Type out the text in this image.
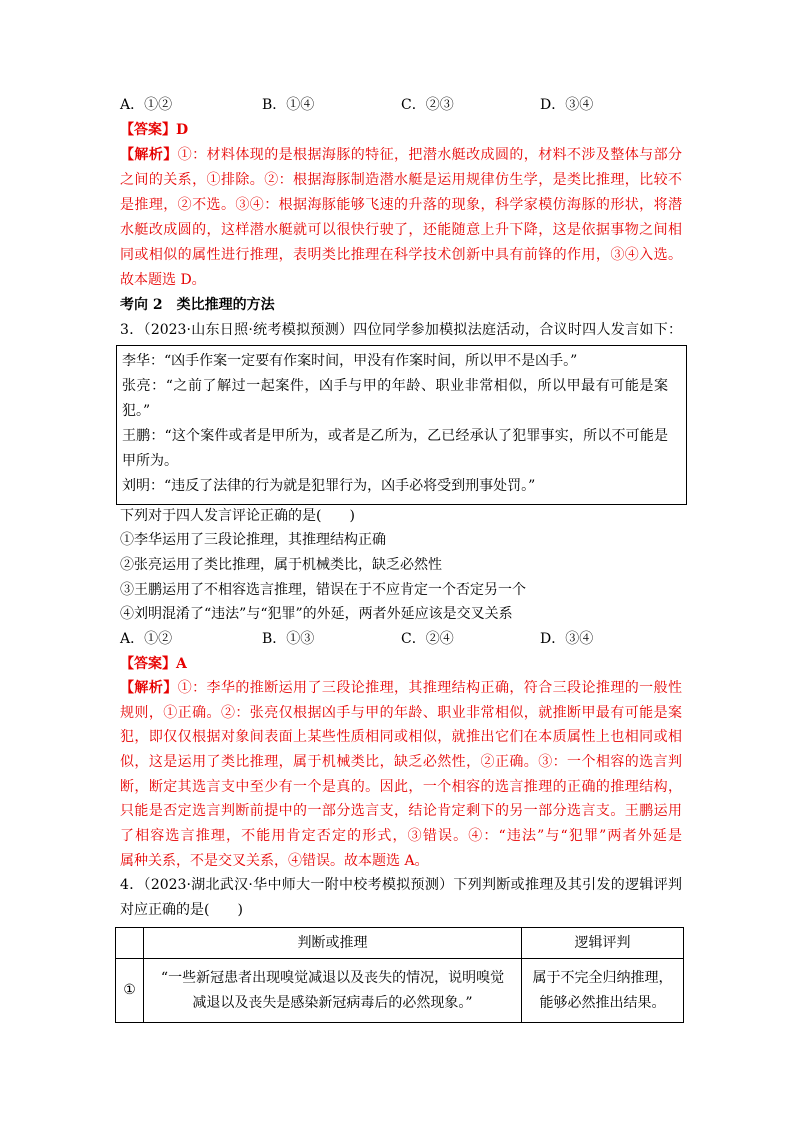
A．①②	B．①④	C．②③	D．③④
【答案】D
【解析】①：材料体现的是根据海豚的特征，把潜水艇改成圆的，材料不涉及整体与部分
之间的关系，①排除。②：根据海豚制造潜水艇是运用规律仿生学，是类比推理，比较不
是推理，②不选。③④：根据海豚能够飞速的升落的现象，科学家模仿海豚的形状，将潜
水艇改成圆的，这样潜水艇就可以很快行驶了，还能随意上升下降，这是依据事物之间相
同或相似的属性进行推理，表明类比推理在科学技术创新中具有前锋的作用，③④入选。
故本题选 D。
考向 2　类比推理的方法
3．（2023·山东日照·统考模拟预测）四位同学参加模拟法庭活动，合议时四人发言如下：
李华：“凶手作案一定要有作案时间，甲没有作案时间，所以甲不是凶手。”
张亮：“之前了解过一起案件，凶手与甲的年龄、职业非常相似，所以甲最有可能是案
犯。”
王鹏：“这个案件或者是甲所为，或者是乙所为，乙已经承认了犯罪事实，所以不可能是
甲所为。
刘明：“违反了法律的行为就是犯罪行为，凶手必将受到刑事处罚。”
下列对于四人发言评论正确的是(　　)
①李华运用了三段论推理，其推理结构正确
②张亮运用了类比推理，属于机械类比，缺乏必然性
③王鹏运用了不相容选言推理，错误在于不应肯定一个否定另一个
④刘明混淆了“违法”与“犯罪”的外延，两者外延应该是交叉关系
A．①②	B．①③	C．②④	D．③④
【答案】A
【解析】①：李华的推断运用了三段论推理，其推理结构正确，符合三段论推理的一般性
规则，①正确。②：张亮仅根据凶手与甲的年龄、职业非常相似，就推断甲最有可能是案
犯，即仅仅根据对象间表面上某些性质相同或相似，就推出它们在本质属性上也相同或相
似，这是运用了类比推理，属于机械类比，缺乏必然性，②正确。③：一个相容的选言判
断，断定其选言支中至少有一个是真的。因此，一个相容的选言推理的正确的推理结构，
只能是否定选言判断前提中的一部分选言支，结论肯定剩下的另一部分选言支。王鹏运用
了相容选言推理，不能用肯定否定的形式，③错误。④：“违法”与“犯罪”两者外延是
属种关系，不是交叉关系，④错误。故本题选 A。
4．（2023·湖北武汉·华中师大一附中校考模拟预测）下列判断或推理及其引发的逻辑评判
对应正确的是(　　)
	判断或推理	逻辑评判
①	“一些新冠患者出现嗅觉减退以及丧失的情况，说明嗅觉
减退以及丧失是感染新冠病毒后的必然现象。”	属于不完全归纳推理，
能够必然推出结果。
